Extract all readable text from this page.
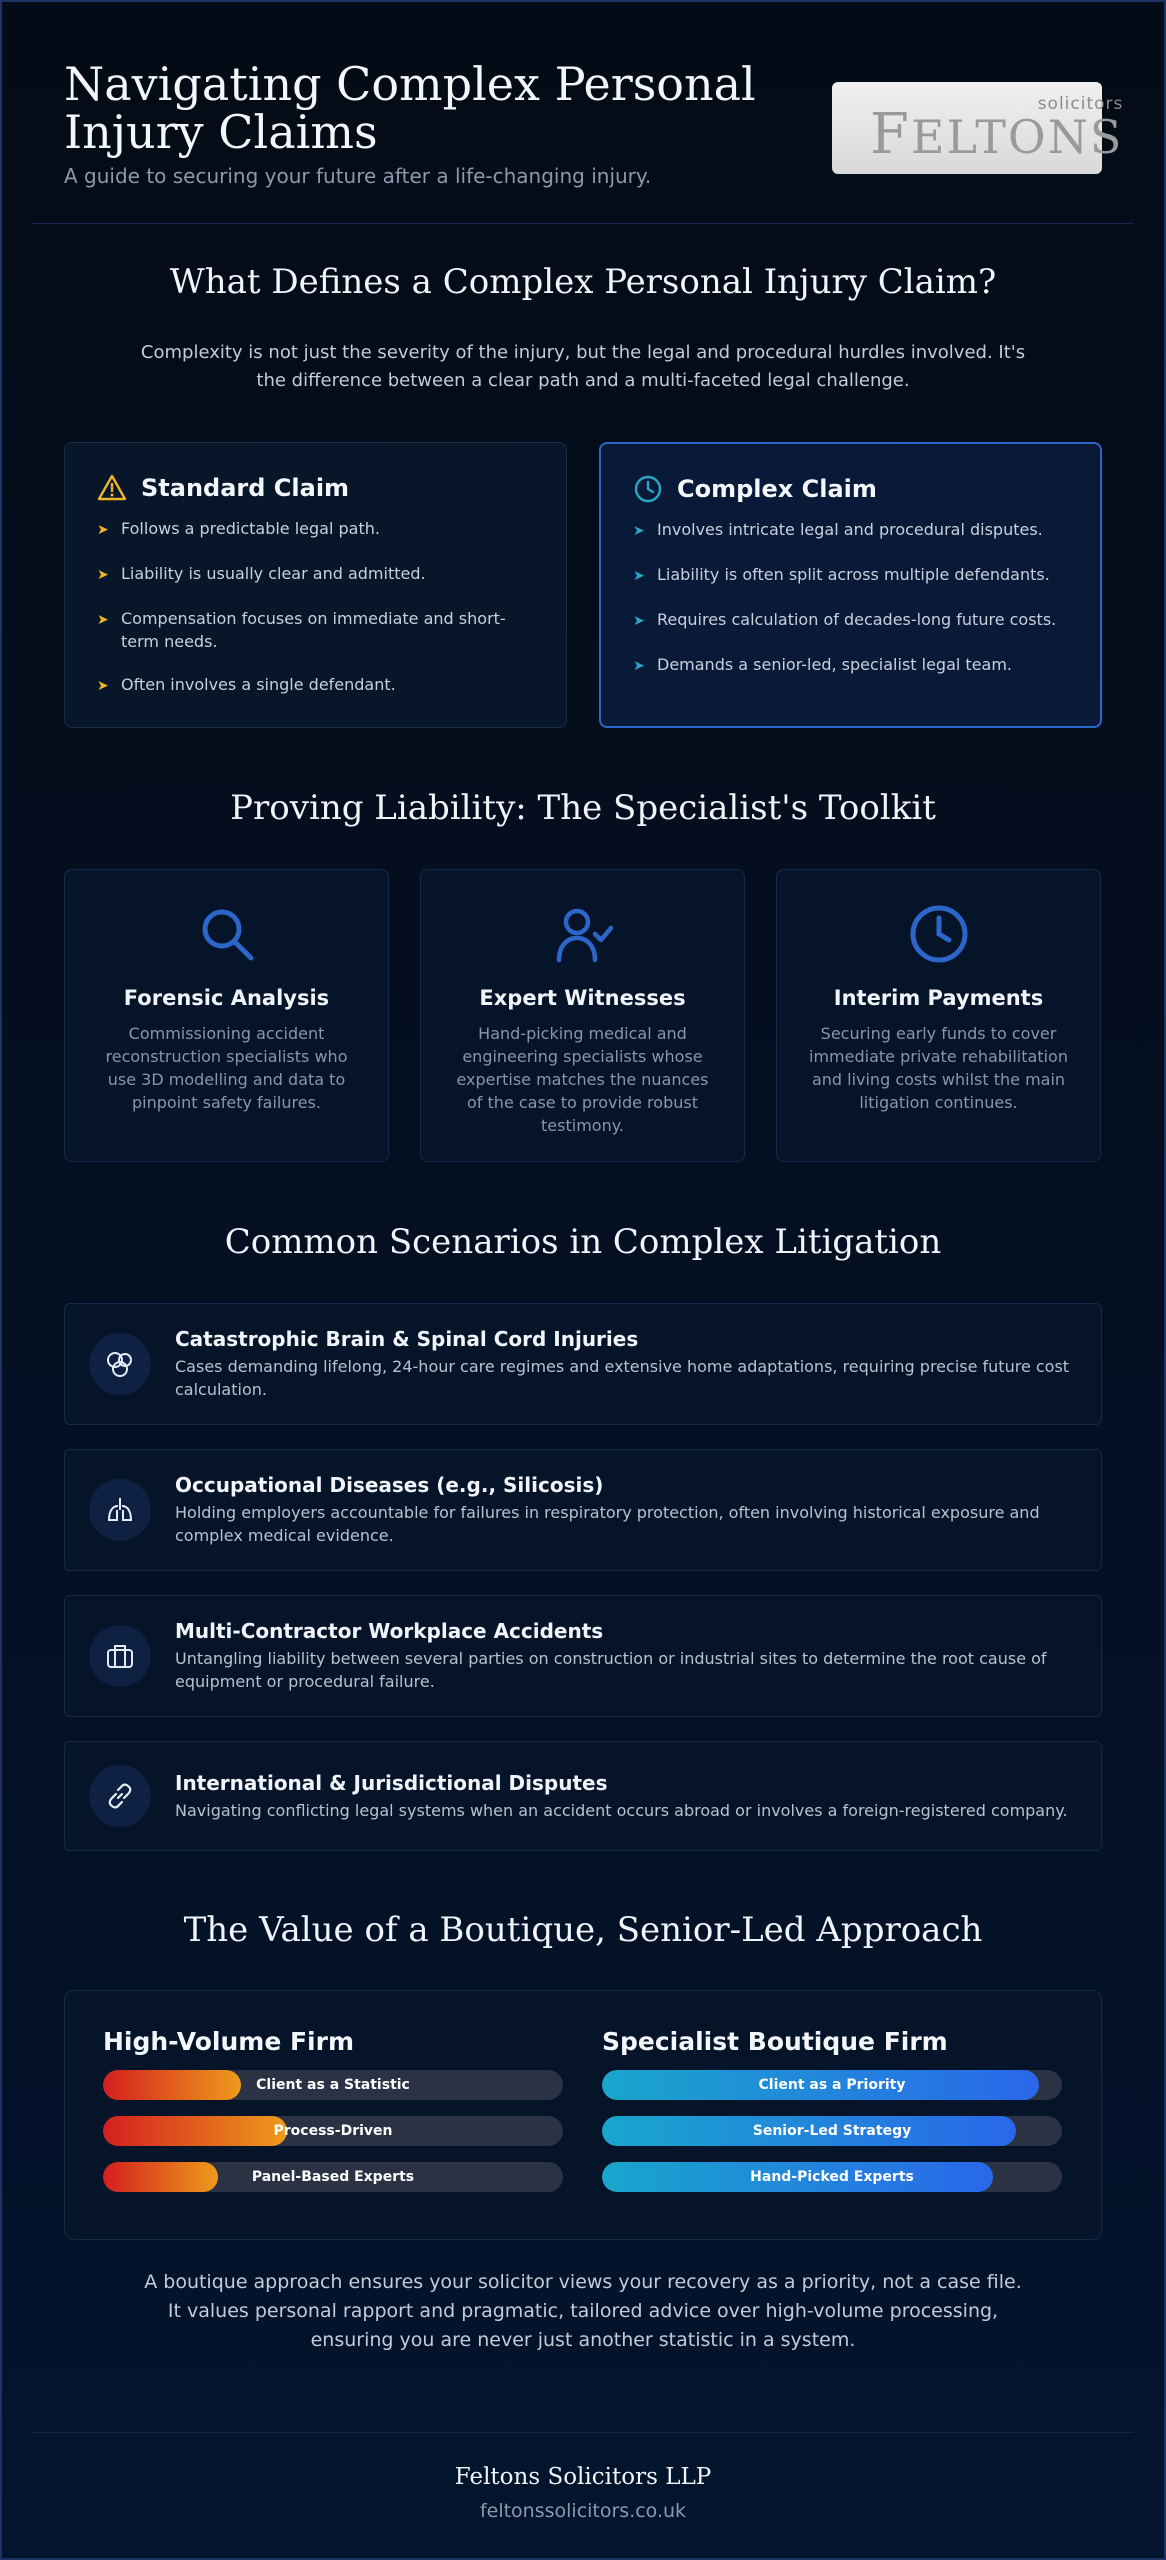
Navigating Complex Personal Injury Claims
A guide to securing your future after a life-changing injury.
solicitors
FELTONS
What Defines a Complex Personal Injury Claim?

Complexity is not just the severity of the injury, but the legal and procedural hurdles involved. It's the difference between a clear path and a multi-faceted legal challenge.

Standard Claim
➤ Follows a predictable legal path.
➤ Liability is usually clear and admitted.
➤ Compensation focuses on immediate and short-term needs.
➤ Often involves a single defendant.
Complex Claim
➤ Involves intricate legal and procedural disputes.
➤ Liability is often split across multiple defendants.
➤ Requires calculation of decades-long future costs.
➤ Demands a senior-led, specialist legal team.
Proving Liability: The Specialist's Toolkit
Forensic Analysis
Commissioning accident reconstruction specialists who use 3D modelling and data to pinpoint safety failures.
Expert Witnesses
Hand-picking medical and engineering specialists whose expertise matches the nuances of the case to provide robust testimony.
Interim Payments
Securing early funds to cover immediate private rehabilitation and living costs whilst the main litigation continues.
Common Scenarios in Complex Litigation
Catastrophic Brain & Spinal Cord Injuries
Cases demanding lifelong, 24-hour care regimes and extensive home adaptations, requiring precise future cost calculation.
Occupational Diseases (e.g., Silicosis)
Holding employers accountable for failures in respiratory protection, often involving historical exposure and complex medical evidence.
Multi-Contractor Workplace Accidents
Untangling liability between several parties on construction or industrial sites to determine the root cause of equipment or procedural failure.
International & Jurisdictional Disputes
Navigating conflicting legal systems when an accident occurs abroad or involves a foreign-registered company.
The Value of a Boutique, Senior-Led Approach
High-Volume Firm
Client as a Statistic
Process-Driven
Panel-Based Experts
Specialist Boutique Firm
Client as a Priority
Senior-Led Strategy
Hand-Picked Experts

A boutique approach ensures your solicitor views your recovery as a priority, not a case file. It values personal rapport and pragmatic, tailored advice over high-volume processing, ensuring you are never just another statistic in a system.

Feltons Solicitors LLP
feltonssolicitors.co.uk
